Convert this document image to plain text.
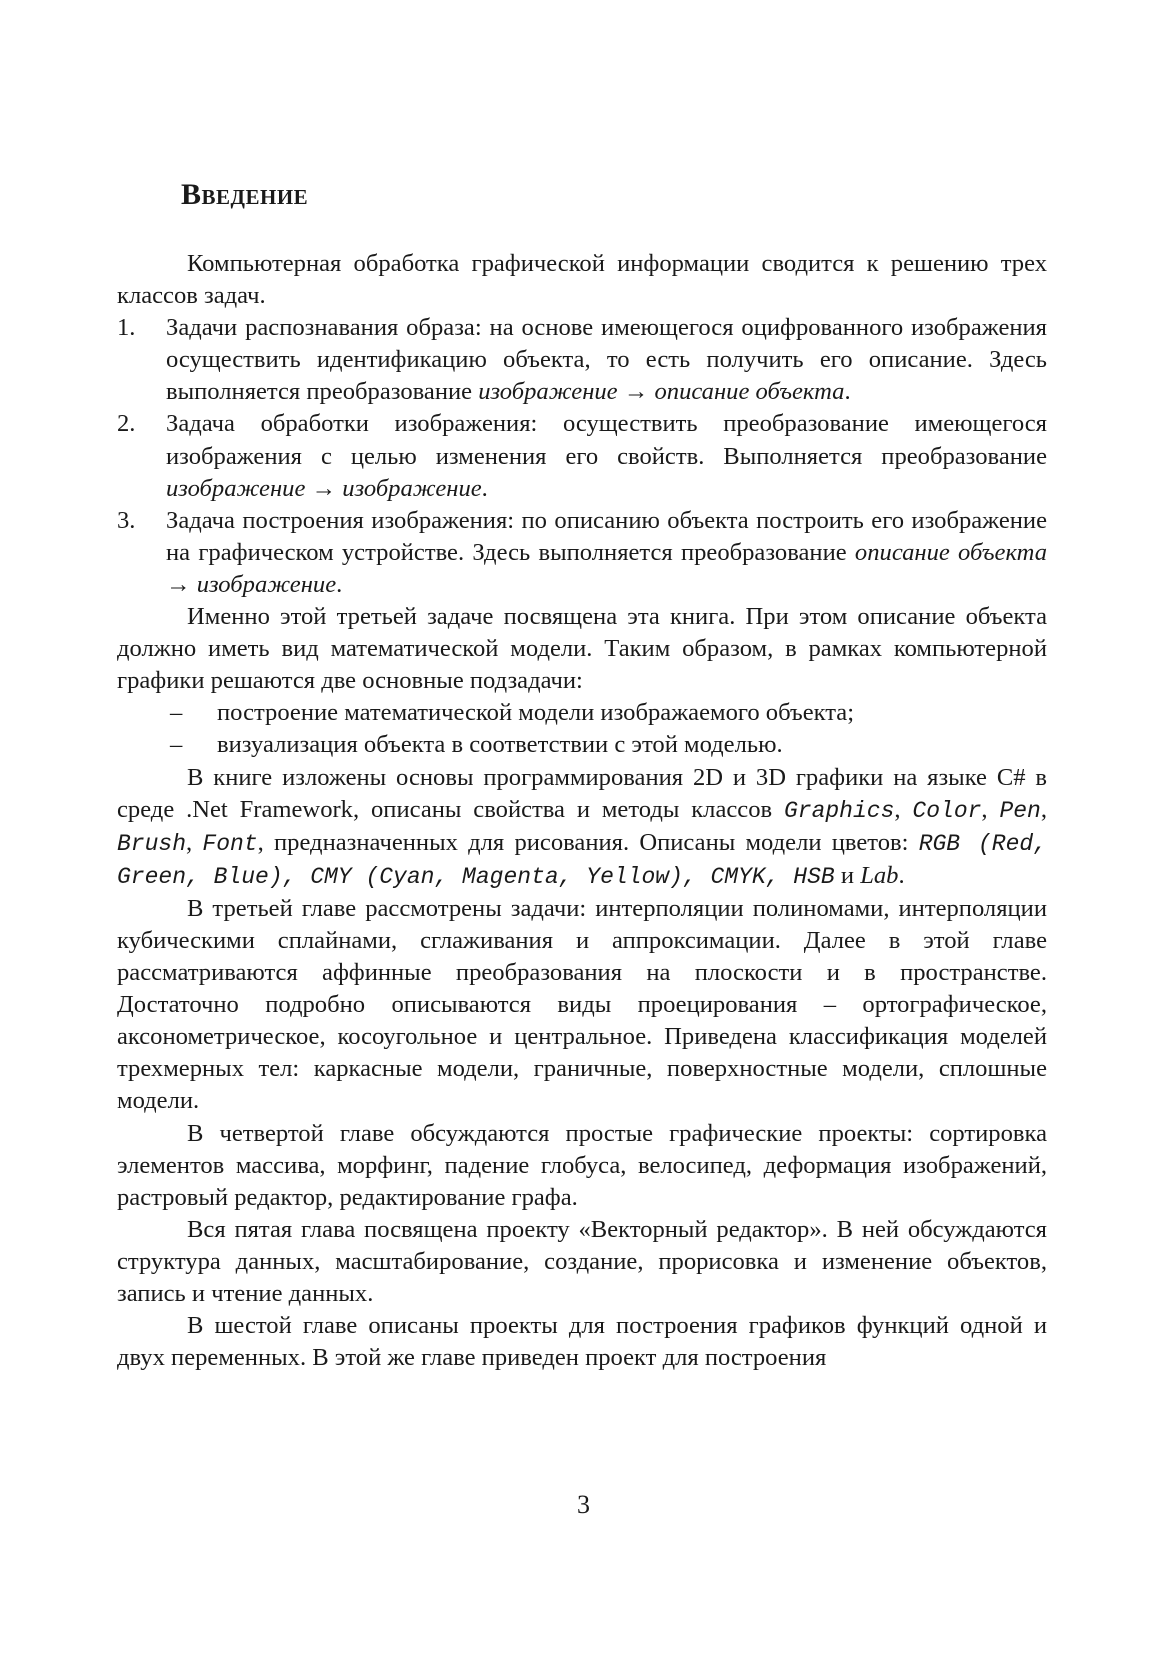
Введение

Компьютерная обработка графической информации сводится к решению трех классов задач.

1. Задачи распознавания образа: на основе имеющегося оцифрованного изображения осуществить идентификацию объекта, то есть получить его описание. Здесь выполняется преобразование изображение → описание объекта.
2. Задача обработки изображения: осуществить преобразование имеющегося изображения с целью изменения его свойств. Выполняется преобразование изображение → изображение.
3. Задача построения изображения: по описанию объекта построить его изображение на графическом устройстве. Здесь выполняется преобразование описание объекта → изображение.

Именно этой третьей задаче посвящена эта книга. При этом описание объекта должно иметь вид математической модели. Таким образом, в рамках компьютерной графики решаются две основные подзадачи:

– построение математической модели изображаемого объекта;
– визуализация объекта в соответствии с этой моделью.

В книге изложены основы программирования 2D и 3D графики на языке C# в среде .Net Framework, описаны свойства и методы классов Graphics, Color, Pen, Brush, Font, предназначенных для рисования. Описаны модели цветов: RGB (Red, Green, Blue), CMY (Cyan, Magenta, Yellow), CMYK, HSB и Lab.

В третьей главе рассмотрены задачи: интерполяции полиномами, интерполяции кубическими сплайнами, сглаживания и аппроксимации. Далее в этой главе рассматриваются аффинные преобразования на плоскости и в пространстве. Достаточно подробно описываются виды проецирования – ортографическое, аксонометрическое, косоугольное и центральное. Приведена классификация моделей трехмерных тел: каркасные модели, граничные, поверхностные модели, сплошные модели.

В четвертой главе обсуждаются простые графические проекты: сортировка элементов массива, морфинг, падение глобуса, велосипед, деформация изображений, растровый редактор, редактирование графа.

Вся пятая глава посвящена проекту «Векторный редактор». В ней обсуждаются структура данных, масштабирование, создание, прорисовка и изменение объектов, запись и чтение данных.

В шестой главе описаны проекты для построения графиков функций одной и двух переменных. В этой же главе приведен проект для построения

3
